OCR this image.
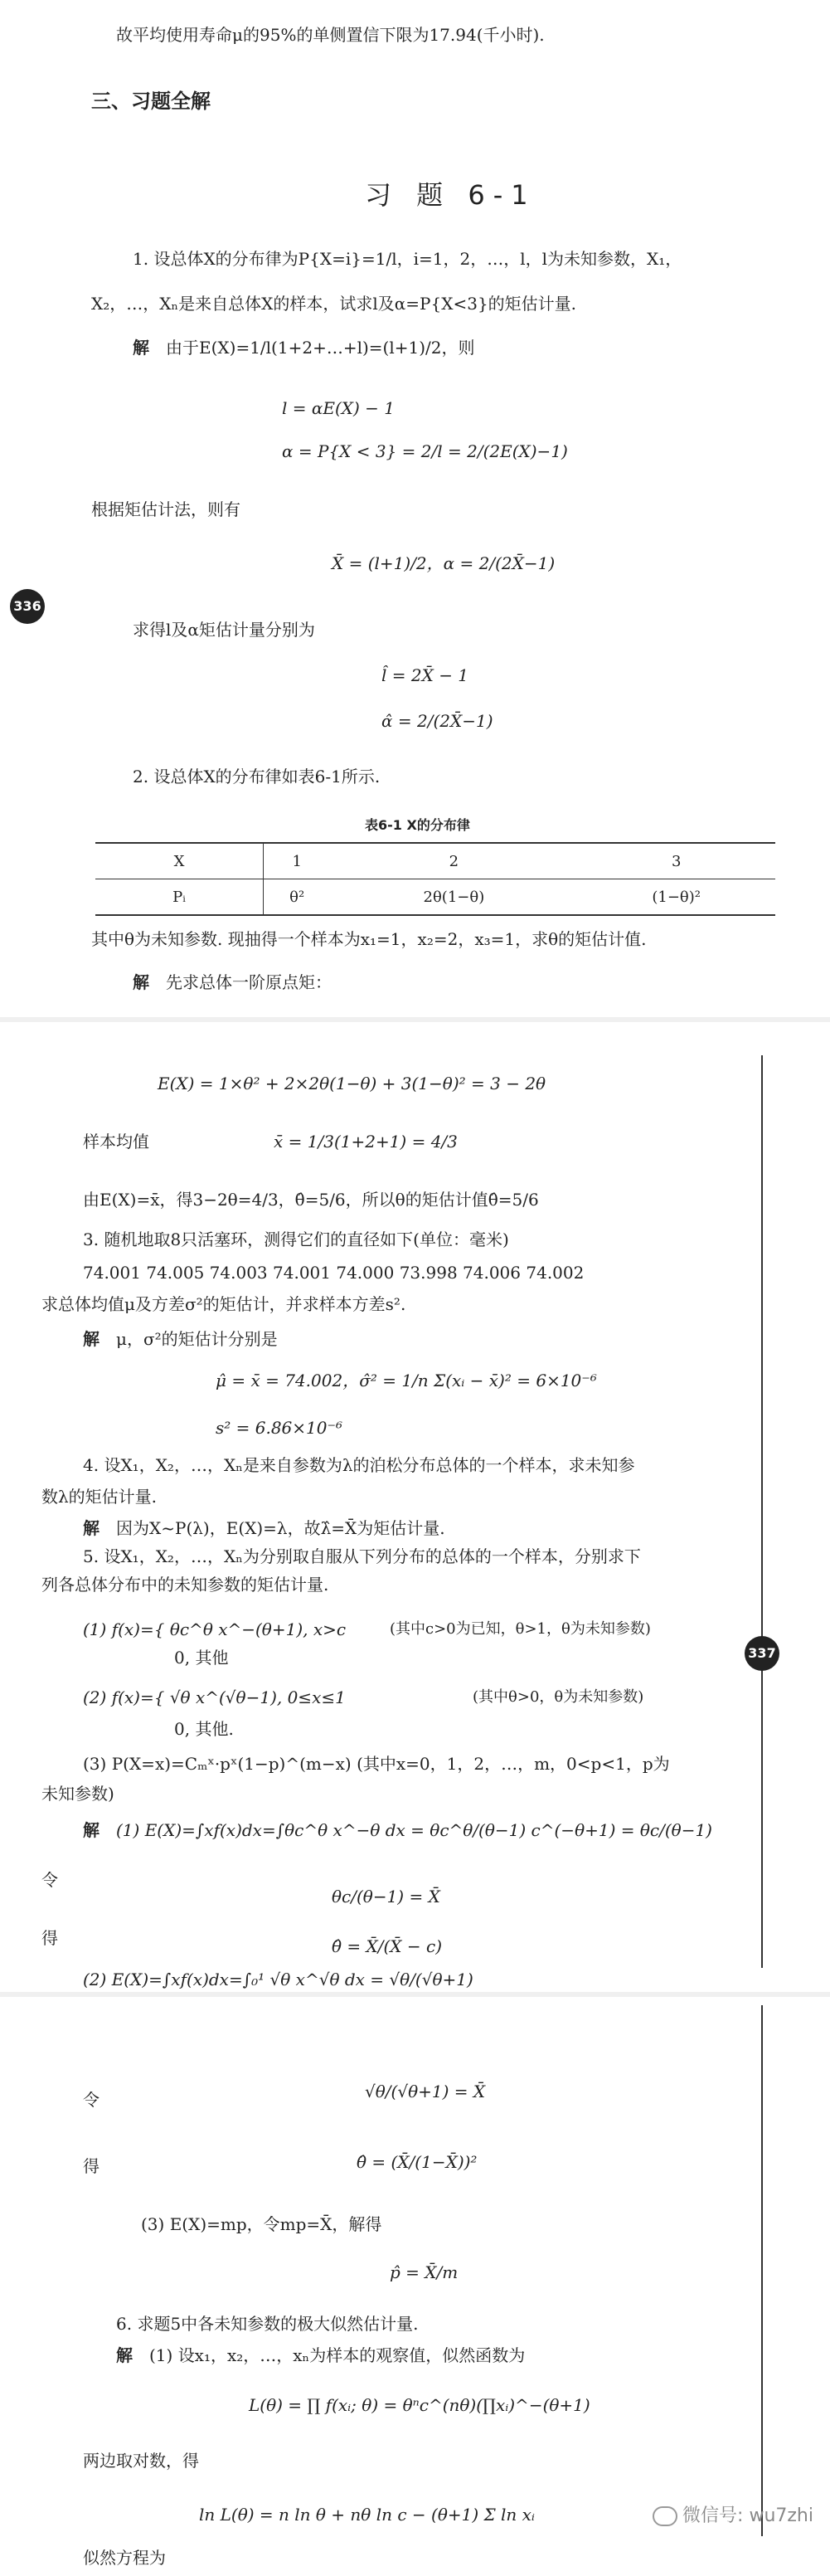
故平均使用寿命μ的95%的单侧置信下限为17.94(千小时).
三、习题全解
习 题 6-1
1. 设总体X的分布律为P{X=i}=1/l，i=1，2，…，l，l为未知参数，X₁，
X₂，…，Xₙ是来自总体X的样本，试求l及α=P{X<3}的矩估计量.
解 由于E(X)=1/l(1+2+…+l)=(l+1)/2，则
l = αE(X) − 1
α = P{X < 3} = 2/l = 2/(2E(X)−1)
根据矩估计法，则有
X̄ = (l+1)/2，α = 2/(2X̄−1)
336
求得l及α矩估计量分别为
l̂ = 2X̄ − 1
α̂ = 2/(2X̄−1)
2. 设总体X的分布律如表6-1所示.
表6-1 X的分布律
X	1	2	3
Pᵢ	θ²	2θ(1−θ)	(1−θ)²
其中θ为未知参数. 现抽得一个样本为x₁=1，x₂=2，x₃=1，求θ的矩估计值.
解 先求总体一阶原点矩：
E(X) = 1×θ² + 2×2θ(1−θ) + 3(1−θ)² = 3 − 2θ
样本均值	x̄ = 1/3(1+2+1) = 4/3
由E(X)=x̄，得3−2θ=4/3，θ̂=5/6，所以θ的矩估计值θ̂=5/6
3. 随机地取8只活塞环，测得它们的直径如下(单位：毫米)
74.001 74.005 74.003 74.001 74.000 73.998 74.006 74.002
求总体均值μ及方差σ²的矩估计，并求样本方差s².
解 μ，σ²的矩估计分别是
μ̂ = x̄ = 74.002，σ̂² = 1/n Σ(xᵢ − x̄)² = 6×10⁻⁶
s² = 6.86×10⁻⁶
4. 设X₁，X₂，…，Xₙ是来自参数为λ的泊松分布总体的一个样本，求未知参
数λ的矩估计量.
解 因为X~P(λ)，E(X)=λ，故λ̂=X̄为矩估计量.
5. 设X₁，X₂，…，Xₙ为分别取自服从下列分布的总体的一个样本，分别求下
列各总体分布中的未知参数的矩估计量.
(1) f(x)={ θc^θ x^−(θ+1), x>c	(其中c>0为已知，θ>1，θ为未知参数)
0, 其他	337
(2) f(x)={ √θ x^(√θ−1), 0≤x≤1	(其中θ>0，θ为未知参数)
0, 其他.
(3) P(X=x)=Cₘˣ·pˣ(1−p)^(m−x) (其中x=0，1，2，…，m，0<p<1，p为
未知参数)
解 (1) E(X)=∫xf(x)dx=∫θc^θ x^−θ dx = θc^θ/(θ−1) c^(−θ+1) = θc/(θ−1)
令
θc/(θ−1) = X̄
得	θ̂ = X̄/(X̄ − c)
(2) E(X)=∫xf(x)dx=∫₀¹ √θ x^√θ dx = √θ/(√θ+1)
令	√θ/(√θ+1) = X̄
得	θ̂ = (X̄/(1−X̄))²
(3) E(X)=mp，令mp=X̄，解得
p̂ = X̄/m
6. 求题5中各未知参数的极大似然估计量.
解 (1) 设x₁，x₂，…，xₙ为样本的观察值，似然函数为
L(θ) = ∏ f(xᵢ; θ) = θⁿc^(nθ)(∏xᵢ)^−(θ+1)
两边取对数，得
ln L(θ) = n ln θ + nθ ln c − (θ+1) Σ ln xᵢ
似然方程为
微信号: wu7zhi
